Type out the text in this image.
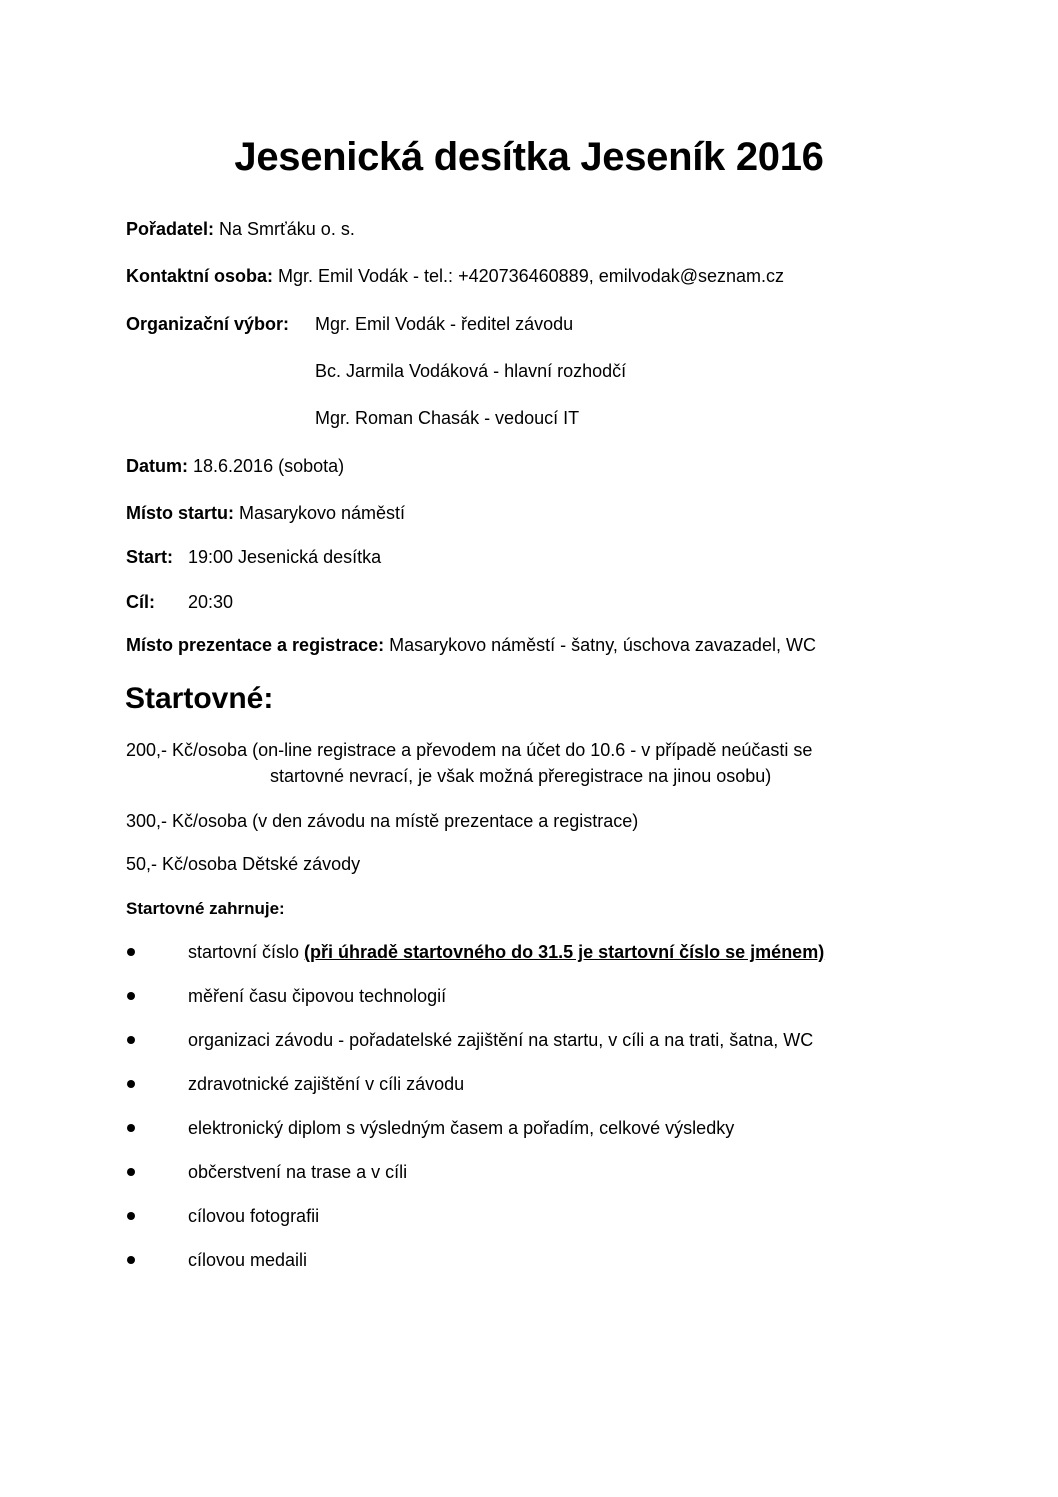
Jesenická desítka Jeseník 2016
Pořadatel: Na Smrťáku o. s.
Kontaktní osoba: Mgr. Emil Vodák - tel.: +420736460889, emilvodak@seznam.cz
Organizační výbor: Mgr. Emil Vodák - ředitel závodu
Bc. Jarmila Vodáková - hlavní rozhodčí
Mgr. Roman Chasák - vedoucí IT
Datum: 18.6.2016 (sobota)
Místo startu: Masarykovo náměstí
Start: 19:00 Jesenická desítka
Cíl: 20:30
Místo prezentace a registrace: Masarykovo náměstí - šatny, úschova zavazadel, WC
Startovné:
200,- Kč/osoba (on-line registrace a převodem na účet do 10.6 - v případě neúčasti se
startovné nevrací, je však možná přeregistrace na jinou osobu)
300,- Kč/osoba (v den závodu na místě prezentace a registrace)
50,- Kč/osoba Dětské závody
Startovné zahrnuje:
startovní číslo (při úhradě startovného do 31.5 je startovní číslo se jménem)
měření času čipovou technologií
organizaci závodu - pořadatelské zajištění na startu, v cíli a na trati, šatna, WC
zdravotnické zajištění v cíli závodu
elektronický diplom s výsledným časem a pořadím, celkové výsledky
občerstvení na trase a v cíli
cílovou fotografii
cílovou medaili
